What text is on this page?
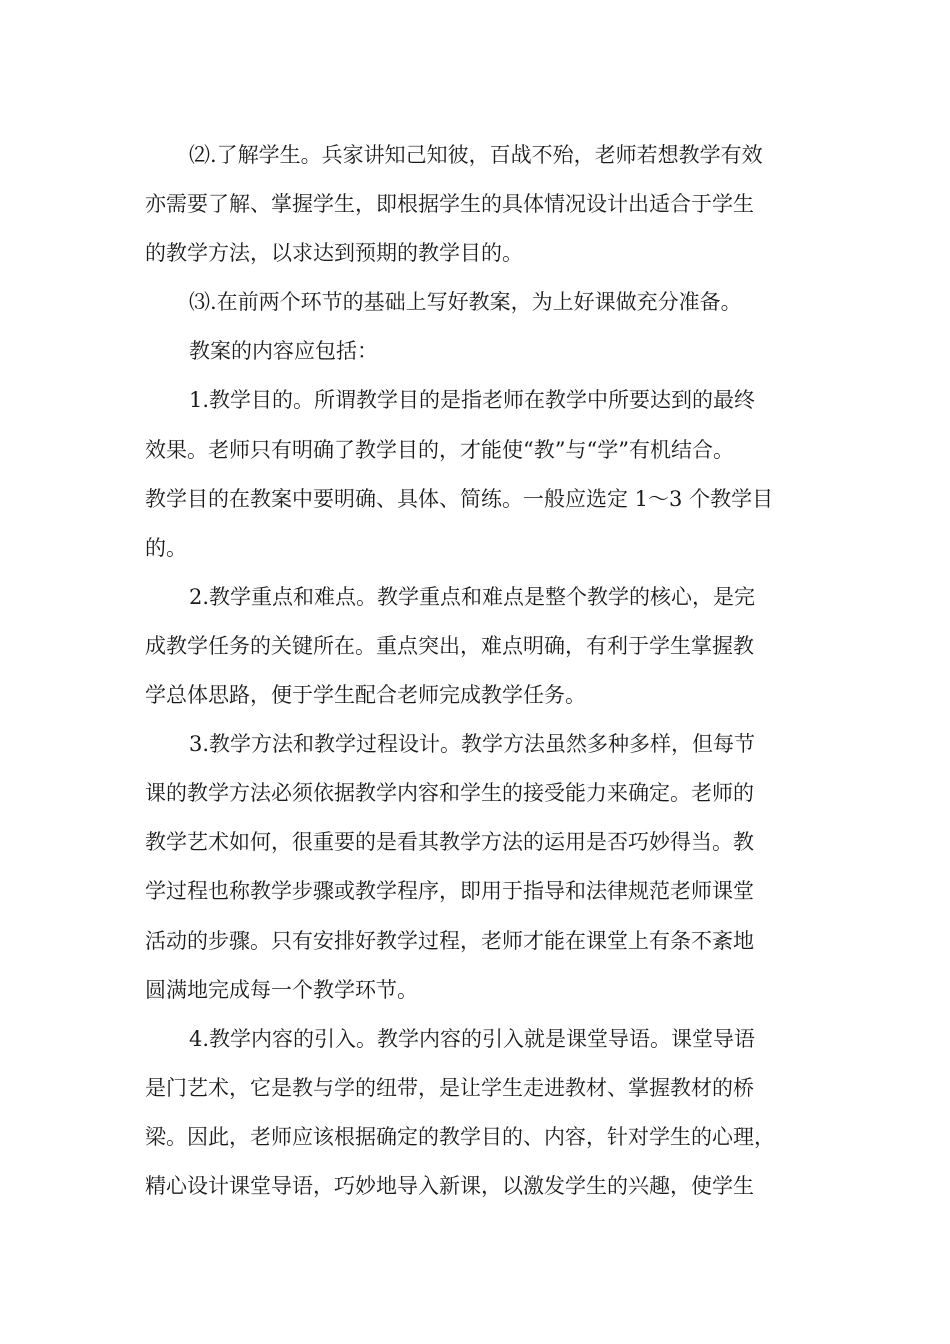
⑵.了解学生。兵家讲知己知彼，百战不殆，老师若想教学有效
亦需要了解、掌握学生，即根据学生的具体情况设计出适合于学生
的教学方法，以求达到预期的教学目的。
⑶.在前两个环节的基础上写好教案，为上好课做充分准备。
教案的内容应包括：
1.教学目的。所谓教学目的是指老师在教学中所要达到的最终
效果。老师只有明确了教学目的，才能使“教”与“学”有机结合。
教学目的在教案中要明确、具体、简练。一般应选定 1～3 个教学目
的。
2.教学重点和难点。教学重点和难点是整个教学的核心，是完
成教学任务的关键所在。重点突出，难点明确，有利于学生掌握教
学总体思路，便于学生配合老师完成教学任务。
3.教学方法和教学过程设计。教学方法虽然多种多样，但每节
课的教学方法必须依据教学内容和学生的接受能力来确定。老师的
教学艺术如何，很重要的是看其教学方法的运用是否巧妙得当。教
学过程也称教学步骤或教学程序，即用于指导和法律规范老师课堂
活动的步骤。只有安排好教学过程，老师才能在课堂上有条不紊地
圆满地完成每一个教学环节。
4.教学内容的引入。教学内容的引入就是课堂导语。课堂导语
是门艺术，它是教与学的纽带，是让学生走进教材、掌握教材的桥
梁。因此，老师应该根据确定的教学目的、内容，针对学生的心理，
精心设计课堂导语，巧妙地导入新课，以激发学生的兴趣，使学生
